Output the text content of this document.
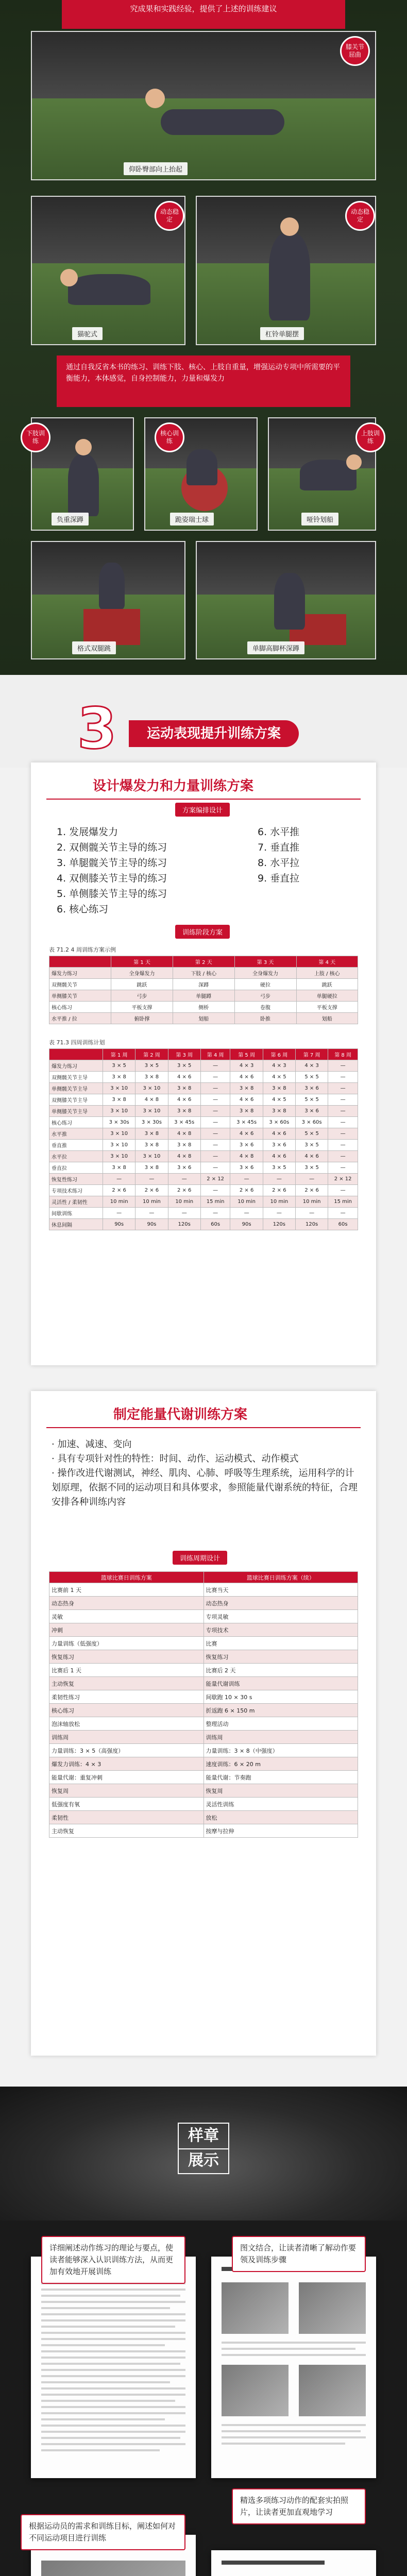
究成果和实践经验，提供了上述的训练建议
膝关节屈曲
仰卧臀部向上抬起
动态稳定
猫驼式
动态稳定
杠铃单腿摆
通过自我反省本书的练习、训练下肢、核心、上肢自重量，增强运动专项中所需要的平衡能力，本体感觉，自身控制能力，力量和爆发力
下肢训练
负重深蹲
核心训练
跪姿瑞士球
上肢训练
哑铃划船
格式双腿跳	单脚高脚杯深蹲
3	运动表现提升训练方案
设计爆发力和力量训练方案
方案编排设计
1. 发展爆发力
2. 双侧髋关节主导的练习
3. 单腿髋关节主导的练习
4. 双侧膝关节主导的练习
5. 单侧膝关节主导的练习
6. 核心练习
6. 水平推
7. 垂直推
8. 水平拉
9. 垂直拉
训练阶段方案
表 71.2 4 周训练方案示例
	第 1 天	第 2 天	第 3 天	第 4 天
爆发力练习	全身爆发力	下肢 / 核心	全身爆发力	上肢 / 核心
双侧髋关节	跳跃	深蹲	硬拉	跳跃
单侧膝关节	弓步	单腿蹲	弓步	单腿硬拉
核心练习	平板支撑	侧桥	卷腹	平板支撑
水平推 / 拉	俯卧撑	划船	卧推	划船
表 71.3 四周训练计划
	第 1 周	第 2 周	第 3 周	第 4 周	第 5 周	第 6 周	第 7 周	第 8 周
爆发力练习	3 × 5	3 × 5	3 × 5	—	4 × 3	4 × 3	4 × 3	—
双侧髋关节主导	3 × 8	3 × 8	4 × 6	—	4 × 6	4 × 5	5 × 5	—
单侧髋关节主导	3 × 10	3 × 10	3 × 8	—	3 × 8	3 × 8	3 × 6	—
双侧膝关节主导	3 × 8	4 × 8	4 × 6	—	4 × 6	4 × 5	5 × 5	—
单侧膝关节主导	3 × 10	3 × 10	3 × 8	—	3 × 8	3 × 8	3 × 6	—
核心练习	3 × 30s	3 × 30s	3 × 45s	—	3 × 45s	3 × 60s	3 × 60s	—
水平推	3 × 10	3 × 8	4 × 8	—	4 × 6	4 × 6	5 × 5	—
垂直推	3 × 10	3 × 8	3 × 8	—	3 × 6	3 × 6	3 × 5	—
水平拉	3 × 10	3 × 10	4 × 8	—	4 × 8	4 × 6	4 × 6	—
垂直拉	3 × 8	3 × 8	3 × 6	—	3 × 6	3 × 5	3 × 5	—
恢复性练习	—	—	—	2 × 12	—	—	—	2 × 12
专项技术练习	2 × 6	2 × 6	2 × 6	—	2 × 6	2 × 6	2 × 6	—
灵活性 / 柔韧性	10 min	10 min	10 min	15 min	10 min	10 min	10 min	15 min
间歇训练	—	—	—	—	—	—	—	—
休息间隔	90s	90s	120s	60s	90s	120s	120s	60s
制定能量代谢训练方案
· 加速、减速、变向
· 具有专项针对性的特性：时间、动作、运动模式、动作模式
· 操作改进代谢测试，神经、肌肉、心肺、呼吸等生理系统，运用科学的计划原理，依据不同的运动项目和具体要求，参照能量代谢系统的特征，合理安排各种训练内容
训练周期设计
篮球比赛日训练方案	篮球比赛日训练方案（续）
比赛前 1 天	比赛当天
动态热身	动态热身
灵敏	专项灵敏
冲刺	专项技术
力量训练（低强度）	比赛
恢复练习	恢复练习
比赛后 1 天	比赛后 2 天
主动恢复	能量代谢训练
柔韧性练习	间歇跑 10 × 30 s
核心练习	折返跑 6 × 150 m
泡沫轴放松	整理活动
训练周	训练周
力量训练：3 × 5（高强度）	力量训练：3 × 8（中强度）
爆发力训练：4 × 3	速度训练：6 × 20 m
能量代谢：重复冲刺	能量代谢：节奏跑
恢复周	恢复周
低强度有氧	灵活性训练
柔韧性	放松
主动恢复	按摩与拉伸
样章
展示
详细阐述动作练习的理论与要点，使读者能够深入认识训练方法，从而更加有效地开展训练
图文结合，让读者清晰了解动作要领及训练步骤
精选多项练习动作的配套实拍照片，让读者更加直观地学习
根据运动员的需求和训练目标，阐述如何对不同运动项目进行训练
